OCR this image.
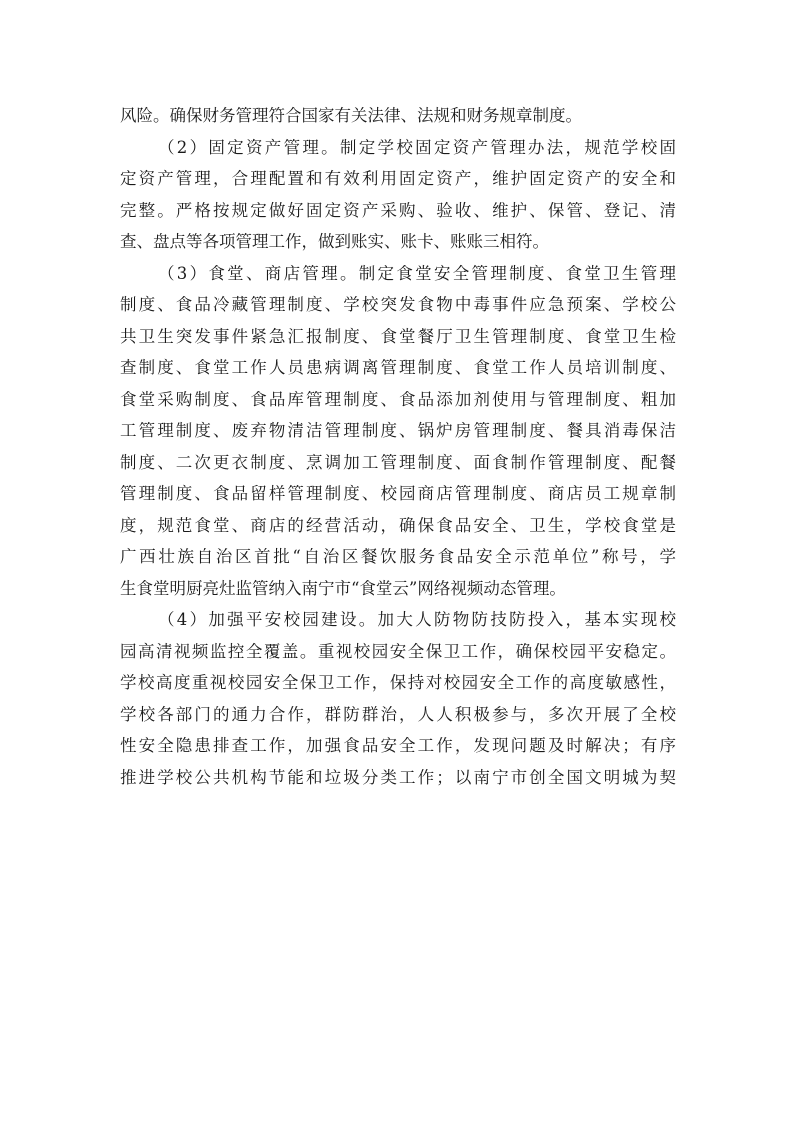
风险。确保财务管理符合国家有关法律、法规和财务规章制度。
（2）固定资产管理。制定学校固定资产管理办法，规范学校固
定资产管理，合理配置和有效利用固定资产，维护固定资产的安全和
完整。严格按规定做好固定资产采购、验收、维护、保管、登记、清
查、盘点等各项管理工作，做到账实、账卡、账账三相符。
（3）食堂、商店管理。制定食堂安全管理制度、食堂卫生管理
制度、食品冷藏管理制度、学校突发食物中毒事件应急预案、学校公
共卫生突发事件紧急汇报制度、食堂餐厅卫生管理制度、食堂卫生检
查制度、食堂工作人员患病调离管理制度、食堂工作人员培训制度、
食堂采购制度、食品库管理制度、食品添加剂使用与管理制度、粗加
工管理制度、废弃物清洁管理制度、锅炉房管理制度、餐具消毒保洁
制度、二次更衣制度、烹调加工管理制度、面食制作管理制度、配餐
管理制度、食品留样管理制度、校园商店管理制度、商店员工规章制
度，规范食堂、商店的经营活动，确保食品安全、卫生，学校食堂是
广西壮族自治区首批“自治区餐饮服务食品安全示范单位”称号，学
生食堂明厨亮灶监管纳入南宁市“食堂云”网络视频动态管理。
（4）加强平安校园建设。加大人防物防技防投入，基本实现校
园高清视频监控全覆盖。重视校园安全保卫工作，确保校园平安稳定。
学校高度重视校园安全保卫工作，保持对校园安全工作的高度敏感性，
学校各部门的通力合作，群防群治，人人积极参与，多次开展了全校
性安全隐患排查工作，加强食品安全工作，发现问题及时解决；有序
推进学校公共机构节能和垃圾分类工作；以南宁市创全国文明城为契
